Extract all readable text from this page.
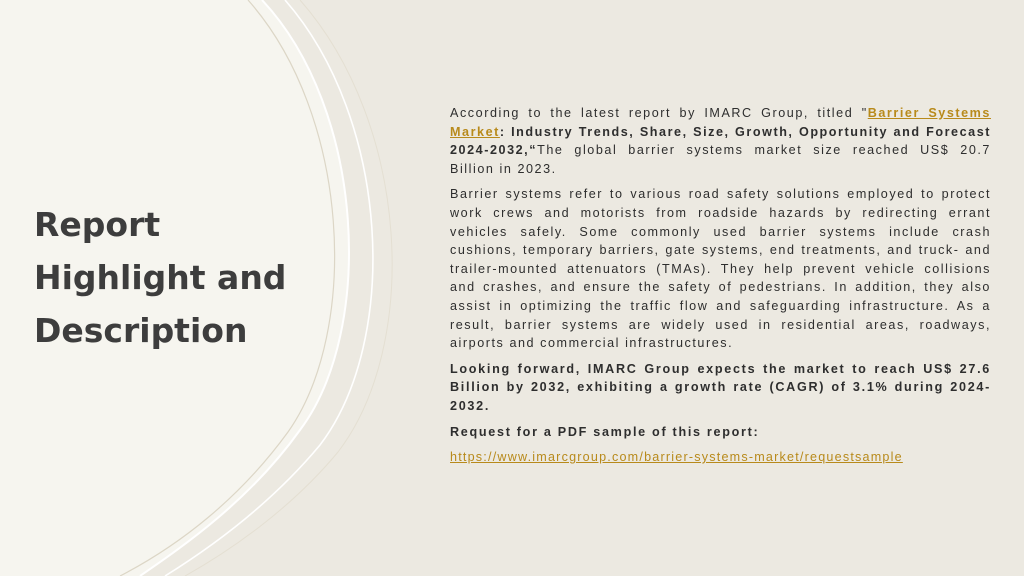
Report
Highlight and
Description

According to the latest report by IMARC Group, titled "Barrier Systems Market: Industry Trends, Share, Size, Growth, Opportunity and Forecast 2024-2032,“The global barrier systems market size reached US$ 20.7 Billion in 2023.

Barrier systems refer to various road safety solutions employed to protect work crews and motorists from roadside hazards by redirecting errant vehicles safely. Some commonly used barrier systems include crash cushions, temporary barriers, gate systems, end treatments, and truck- and trailer-mounted attenuators (TMAs). They help prevent vehicle collisions and crashes, and ensure the safety of pedestrians. In addition, they also assist in optimizing the traffic flow and safeguarding infrastructure. As a result, barrier systems are widely used in residential areas, roadways, airports and commercial infrastructures.

Looking forward, IMARC Group expects the market to reach US$ 27.6 Billion by 2032, exhibiting a growth rate (CAGR) of 3.1% during 2024-2032.

Request for a PDF sample of this report:

https://www.imarcgroup.com/barrier-systems-market/requestsample
